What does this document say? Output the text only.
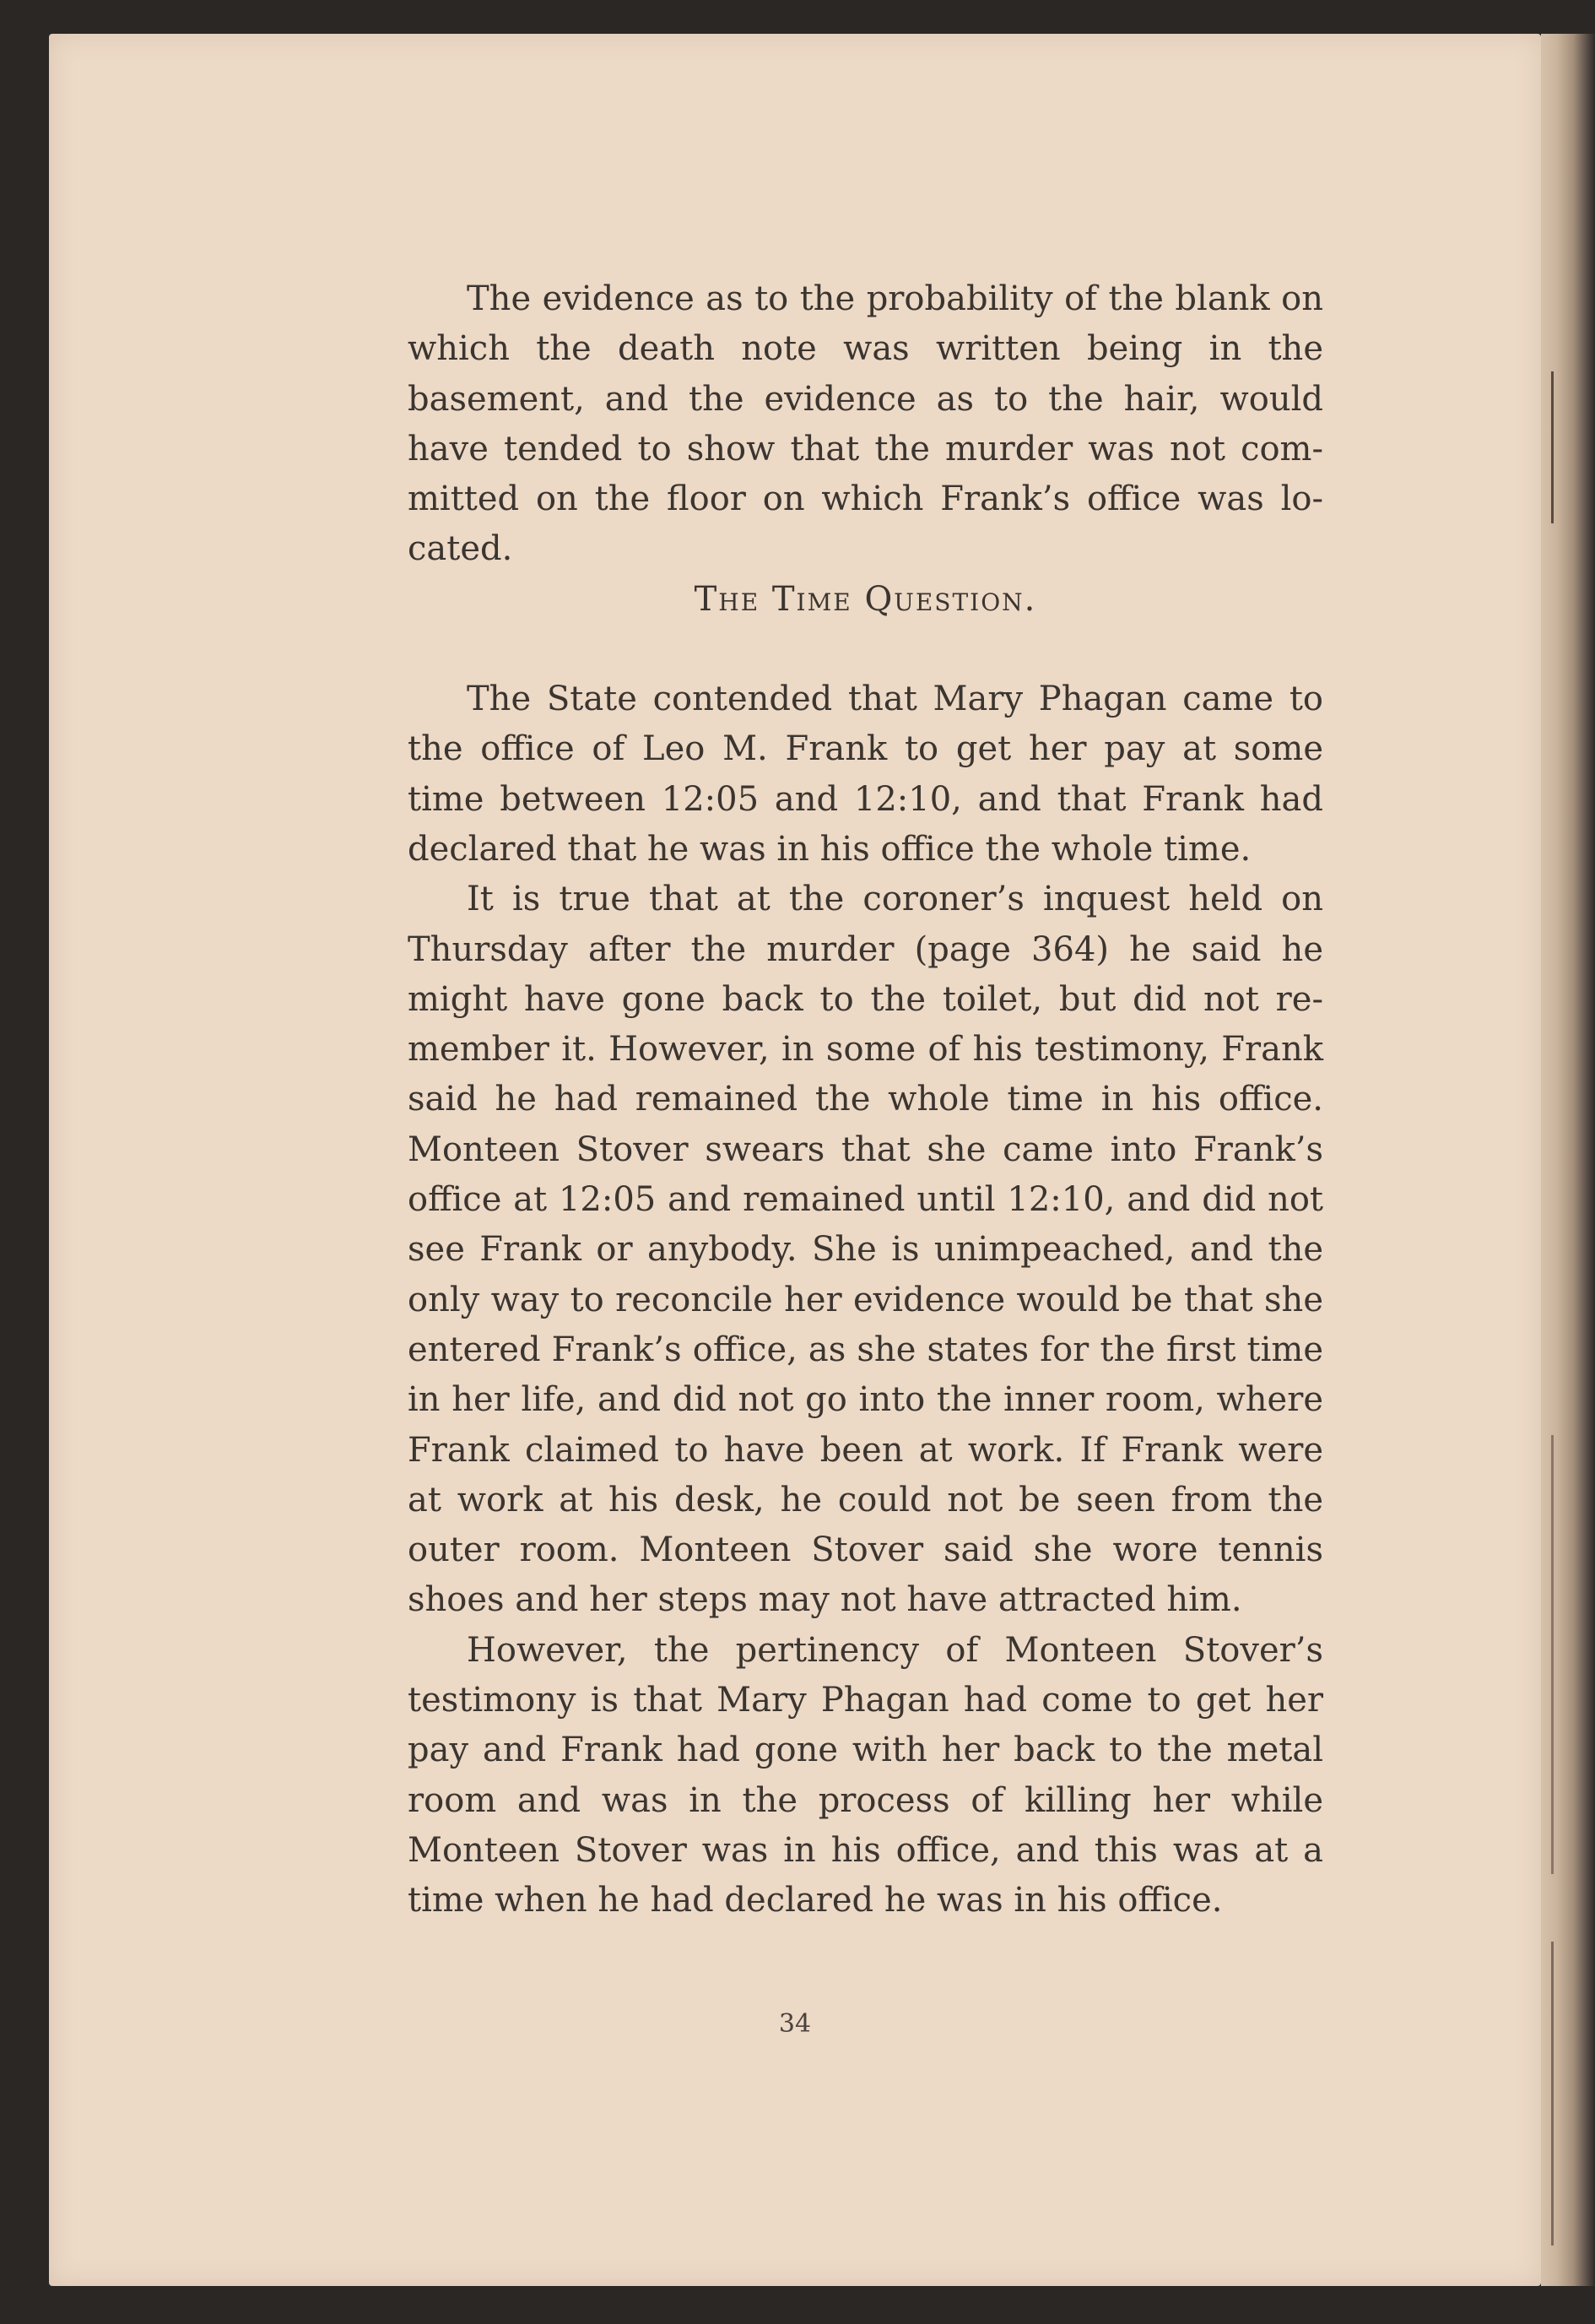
The evidence as to the probability of the blank on which the death note was written being in the basement, and the evidence as to the hair, would have tended to show that the murder was not committed on the floor on which Frank’s office was located.

The Time Question.

The State contended that Mary Phagan came to the office of Leo M. Frank to get her pay at some time between 12:05 and 12:10, and that Frank had declared that he was in his office the whole time.

It is true that at the coroner’s inquest held on Thursday after the murder (page 364) he said he might have gone back to the toilet, but did not remember it. However, in some of his testimony, Frank said he had remained the whole time in his office. Monteen Stover swears that she came into Frank’s office at 12:05 and remained until 12:10, and did not see Frank or anybody. She is unimpeached, and the only way to reconcile her evidence would be that she entered Frank’s office, as she states for the first time in her life, and did not go into the inner room, where Frank claimed to have been at work. If Frank were at work at his desk, he could not be seen from the outer room. Monteen Stover said she wore tennis shoes and her steps may not have attracted him.

However, the pertinency of Monteen Stover’s testimony is that Mary Phagan had come to get her pay and Frank had gone with her back to the metal room and was in the process of killing her while Monteen Stover was in his office, and this was at a time when he had declared he was in his office.

34
